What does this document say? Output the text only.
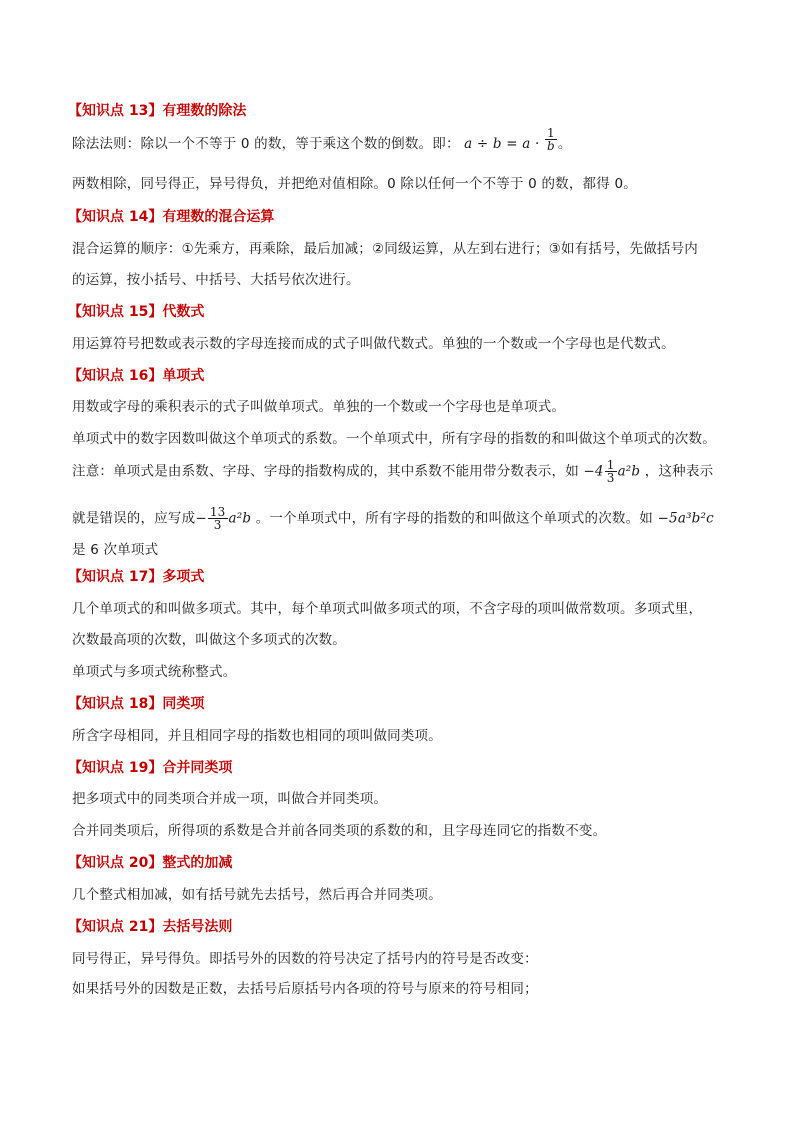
【知识点 13】有理数的除法
除法法则：除以一个不等于 0 的数，等于乘这个数的倒数。即： $a \div b = a \cdot \frac{1}{b}$ 。
两数相除，同号得正，异号得负，并把绝对值相除。0 除以任何一个不等于 0 的数，都得 0。
【知识点 14】有理数的混合运算
混合运算的顺序：①先乘方，再乘除，最后加减；②同级运算，从左到右进行；③如有括号，先做括号内
的运算，按小括号、中括号、大括号依次进行。
【知识点 15】代数式
用运算符号把数或表示数的字母连接而成的式子叫做代数式。单独的一个数或一个字母也是代数式。
【知识点 16】单项式
用数或字母的乘积表示的式子叫做单项式。单独的一个数或一个字母也是单项式。
单项式中的数字因数叫做这个单项式的系数。一个单项式中，所有字母的指数的和叫做这个单项式的次数。
注意：单项式是由系数、字母、字母的指数构成的，其中系数不能用带分数表示，如 $-4 \frac{1}{3} a^2b$ ，这种表示
就是错误的，应写成− $\frac{13}{3} a^2b$ 。一个单项式中，所有字母的指数的和叫做这个单项式的次数。如 −5a³b²c
是 6 次单项式
【知识点 17】多项式
几个单项式的和叫做多项式。其中，每个单项式叫做多项式的项，不含字母的项叫做常数项。多项式里，
次数最高项的次数，叫做这个多项式的次数。
单项式与多项式统称整式。
【知识点 18】同类项
所含字母相同，并且相同字母的指数也相同的项叫做同类项。
【知识点 19】合并同类项
把多项式中的同类项合并成一项，叫做合并同类项。
合并同类项后，所得项的系数是合并前各同类项的系数的和，且字母连同它的指数不变。
【知识点 20】整式的加减
几个整式相加减，如有括号就先去括号，然后再合并同类项。
【知识点 21】去括号法则
同号得正，异号得负。即括号外的因数的符号决定了括号内的符号是否改变：
如果括号外的因数是正数，去括号后原括号内各项的符号与原来的符号相同；
